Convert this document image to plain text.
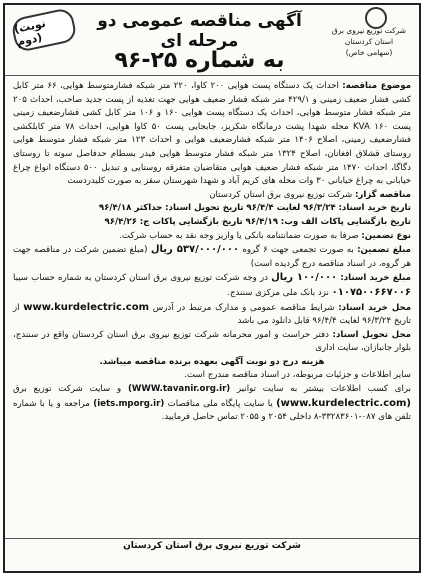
(نوبت دوم)
آگهی مناقصه عمومی دو مرحله ای
به شماره ۲۵-۹۶
شرکت توزیع نیروی برق استان کردستان
(سهامی خاص)

موضوع مناقصه: احداث یک دستگاه پست هوایی ۲۰۰ کاوا، ۲۲۰ متر شبکه فشارمتوسط هوایی، ۶۶ متر کابل کشی فشار ضعیف زمینی و ۴۲۹/۱ متر شبکه فشار ضعیف هوایی جهت تغذیه از پست جدید صاحب، احداث ۲۰۵ متر شبکه فشار متوسط هوایی، احداث یک دستگاه پست هوایی ۱۶۰ و ۱۰۶ متر کابل کشی فشارضعیف زمینی پست KVA ۱۶۰ محله شهدا پشت درمانگاه شکریز، جابجایی پست ۵۰ کاوا هوایی، احداث ۷۸ متر کابلکشی فشارضعیف زمینی، اصلاح ۱۴۰۶ متر شبکه فشارضعیف هوایی و احداث ۱۲۳ متر شبکه فشار متوسط هوایی روستای قشلاق افغانان، اصلاح ۱۳۲۴ متر شبکه فشار متوسط هوایی فیدر بسطام حدفاصل سوته تا روستای دگاگا، احداث ۱۴۷۰ متر شبکه فشار ضعیف هوایی متقاضیان متفرقه روستایی و تبدیل ۵۰۰ دستگاه انواع چراغ خیابانی به چراغ خیابانی ۳۰ وات محله های کریم آباد و شهدا شهرستان سقز به صورت کلیدردست

مناقصه گزار: شرکت توزیع نیروی برق استان کردستان

تاریخ خرید اسناد: ۹۶/۳/۲۴ لغایت ۹۶/۴/۴ تاریخ تحویل اسناد: حداکثر ۹۶/۴/۱۸

تاریخ بازگشایی پاکات الف وب: ۹۶/۴/۱۹ تاریخ بازگشایی پاکات ج: ۹۶/۴/۲۶

نوع تضمین: صرفا به صورت ضمانتنامه بانکی یا واریز وجه نقد به حساب شرکت.

مبلغ تضمین: به صورت تجمعی جهت ۶ گروه ۵۳۷/۰۰۰/۰۰۰ ریال (مبلغ تضمین شرکت در مناقصه جهت هر گروه، در اسناد مناقصه درج گردیده است)

مبلغ خرید اسناد: ۱۰۰/۰۰۰ ریال در وجه شرکت توزیع نیروی برق استان کردستان به شماره حساب سیبا ۰۱۰۷۵۰۰۶۶۷۰۰۶ نزد بانک ملی مرکزی سنندج.

محل خرید اسناد: شرایط مناقصه عمومی و مدارک مرتبط در آدرس www.kurdelectric.com از تاریخ ۹۶/۳/۲۴ لغایت ۹۶/۴/۴ قابل دانلود می باشد

محل تحویل اسناد: دفتر حراست و امور محرمانه شرکت توزیع نیروی برق استان کردستان واقع در سنندج، بلوار جانبازان، سایت اداری

هزینه درج دو نوبت آگهی بعهده برنده مناقصه میباشد.

سایر اطلاعات و جزئیات مربوطه، در اسناد مناقصه مندرج است.

برای کسب اطلاعات بیشتر به سایت توانیر (WWW.tavanir.org.ir) و سایت شرکت توزیع برق (www.kurdelectric.com) یا سایت پایگاه ملی مناقصات (iets.mporg.ir) مراجعه و یا با شماره تلفن های ۰۸۷-۳۳۲۸۳۶۰۱-۸ داخلی ۲۰۵۴ و ۲۰۵۵ تماس حاصل فرمایید.

شرکت توزیع نیروی برق استان کردستان
